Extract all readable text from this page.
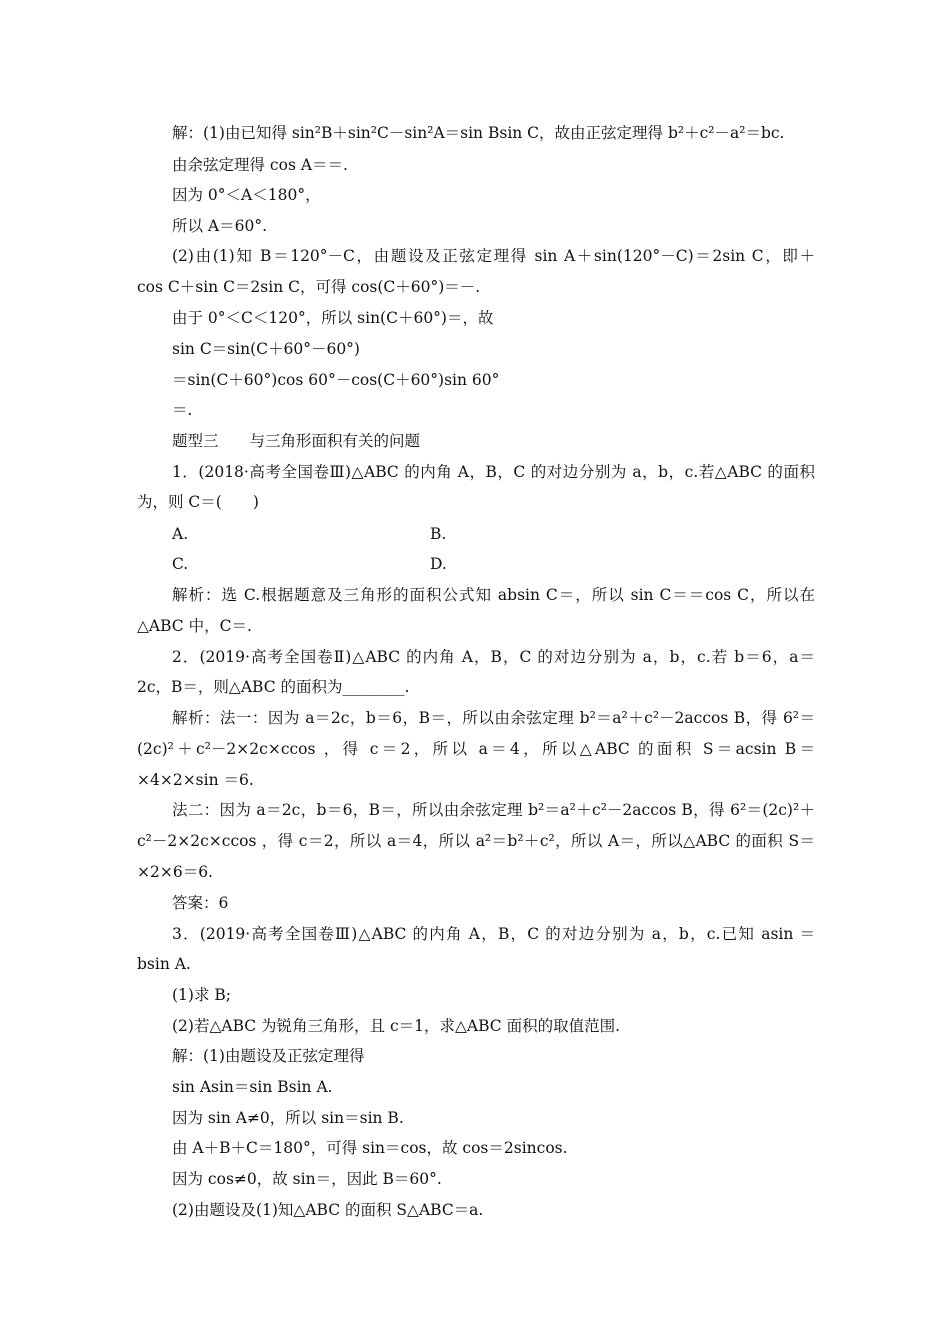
解：(1)由已知得 sin²B＋sin²C－sin²A＝sin Bsin C，故由正弦定理得 b²＋c²－a²＝bc.
由余弦定理得 cos A＝＝.
因为 0°＜A＜180°，
所以 A＝60°.
(2)由(1)知 B＝120°－C，由题设及正弦定理得 sin A＋sin(120°－C)＝2sin C，即＋
cos C＋sin C＝2sin C，可得 cos(C＋60°)＝－.
由于 0°＜C＜120°，所以 sin(C＋60°)＝，故
sin C＝sin(C＋60°－60°)
＝sin(C＋60°)cos 60°－cos(C＋60°)sin 60°
＝.
题型三　　与三角形面积有关的问题
1．(2018·高考全国卷Ⅲ)△ABC 的内角 A，B，C 的对边分别为 a，b，c.若△ABC 的面积
为，则 C＝(　　)
A.	B.
C.	D.
解析：选 C.根据题意及三角形的面积公式知 absin C＝，所以 sin C＝＝cos C，所以在
△ABC 中，C＝.
2．(2019·高考全国卷Ⅱ)△ABC 的内角 A，B，C 的对边分别为 a，b，c.若 b＝6，a＝
2c，B＝，则△ABC 的面积为________.
解析：法一：因为 a＝2c，b＝6，B＝，所以由余弦定理 b²＝a²＋c²－2accos B，得 6²＝
(2c)²＋c²－2×2c×ccos ，得 c＝2，所以 a＝4，所以△ABC 的面积 S＝acsin B＝
×4×2×sin ＝6.
法二：因为 a＝2c，b＝6，B＝，所以由余弦定理 b²＝a²＋c²－2accos B，得 6²＝(2c)²＋
c²－2×2c×ccos ，得 c＝2，所以 a＝4，所以 a²＝b²＋c²，所以 A＝，所以△ABC 的面积 S＝
×2×6＝6.
答案：6
3．(2019·高考全国卷Ⅲ)△ABC 的内角 A，B，C 的对边分别为 a，b，c.已知 asin ＝
bsin A.
(1)求 B;
(2)若△ABC 为锐角三角形，且 c＝1，求△ABC 面积的取值范围.
解：(1)由题设及正弦定理得
sin Asin＝sin Bsin A.
因为 sin A≠0，所以 sin＝sin B.
由 A＋B＋C＝180°，可得 sin＝cos，故 cos＝2sincos.
因为 cos≠0，故 sin＝，因此 B＝60°.
(2)由题设及(1)知△ABC 的面积 S△ABC＝a.
